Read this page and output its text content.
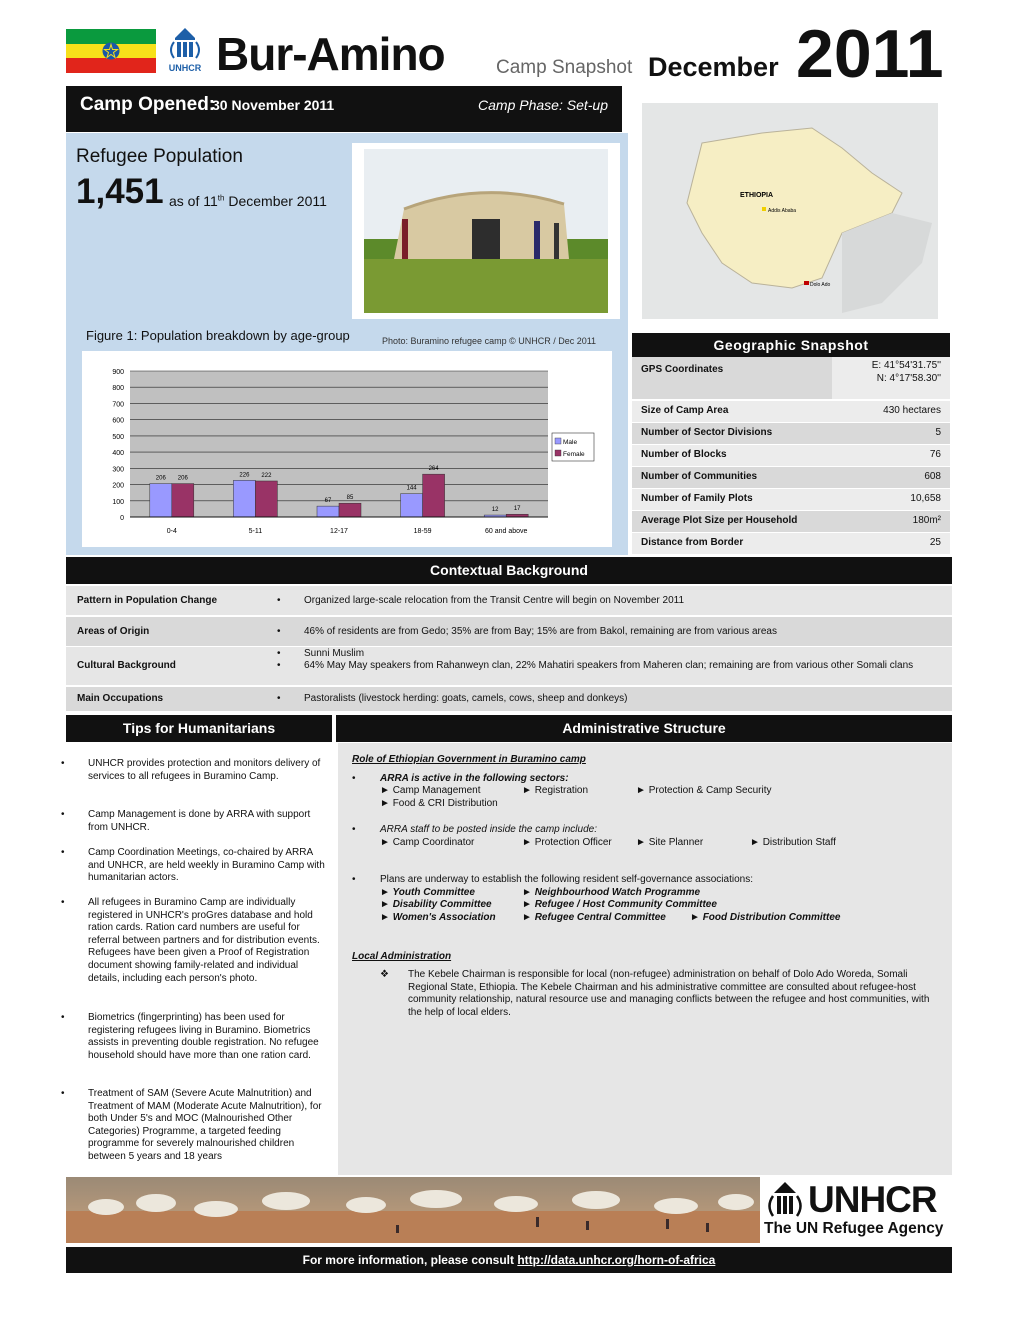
UNHCR Bur-Amino	Camp Snapshot December 2011
Camp Opened:
30 November 2011	Camp Phase: Set-up
Refugee Population
1,451 as of 11th December 2011
Photo: Buramino refugee camp © UNHCR / Dec 2011
Figure 1: Population breakdown by age-group
0
100
200
300
400
500
600
700
800
900
206 206
0-4
226 222
5-11
67	85
12-17
144
264
18-59
12	17
60 and above
Male
Female
ETHIOPIA
Addis Ababa
Dolo Ado
Geographic Snapshot
GPS Coordinates	E: 41°54'31.75''
N: 4°17'58.30''
Size of Camp Area	430 hectares
Number of Sector Divisions	5
Number of Blocks	76
Number of Communities	608
Number of Family Plots	10,658
Average Plot Size per Household	180m²
Distance from Border	25
Contextual Background
Pattern in Population Change	• Organized large-scale relocation from the Transit Centre will begin on November 2011
Areas of Origin	• 46% of residents are from Gedo; 35% are from Bay; 15% are from Bakol, remaining are from various areas
Cultural Background
• Sunni Muslim
• 64% May May speakers from Rahanweyn clan, 22% Mahatiri speakers from Maheren clan; remaining are from various other Somali clans
Main Occupations	• Pastoralists (livestock herding: goats, camels, cows, sheep and donkeys)
Tips for Humanitarians	Administrative Structure
• UNHCR provides protection and monitors delivery of services to all refugees in Buramino Camp.
• Camp Management is done by ARRA with support from UNHCR.
• Camp Coordination Meetings, co-chaired by ARRA and UNHCR, are held weekly in Buramino Camp with humanitarian actors.
• All refugees in Buramino Camp are individually registered in UNHCR's proGres database and hold ration cards. Ration card numbers are useful for referral between partners and for distribution events. Refugees have been given a Proof of Registration document showing family-related and individual details, including each person's photo.
• Biometrics (fingerprinting) has been used for registering refugees living in Buramino. Biometrics assists in preventing double registration. No refugee household should have more than one ration card.
• Treatment of SAM (Severe Acute Malnutrition) and Treatment of MAM (Moderate Acute Malnutrition), for both Under 5's and MOC (Malnourished Other Categories) Programme, a targeted feeding programme for severely malnourished children between 5 years and 18 years
Role of Ethiopian Government in Buramino camp
• ARRA is active in the following sectors:
► Camp Management	► Registration	► Protection & Camp Security
► Food & CRI Distribution
• ARRA staff to be posted inside the camp include:
► Camp Coordinator	► Protection Officer ► Site Planner	► Distribution Staff
• Plans are underway to establish the following resident self-governance associations:
► Youth Committee	► Neighbourhood Watch Programme
► Disability Committee	► Refugee / Host Community Committee
► Women's Association	► Refugee Central Committee ► Food Distribution Committee
Local Administration
❖ The Kebele Chairman is responsible for local (non-refugee) administration on behalf of Dolo Ado Woreda, Somali Regional State, Ethiopia. The Kebele Chairman and his administrative committee are consulted about refugee-host community relationship, natural resource use and managing conflicts between the refugee and host communities, with the help of local elders.
UNHCR
The UN Refugee Agency
For more information, please consult http://data.unhcr.org/horn-of-africa
